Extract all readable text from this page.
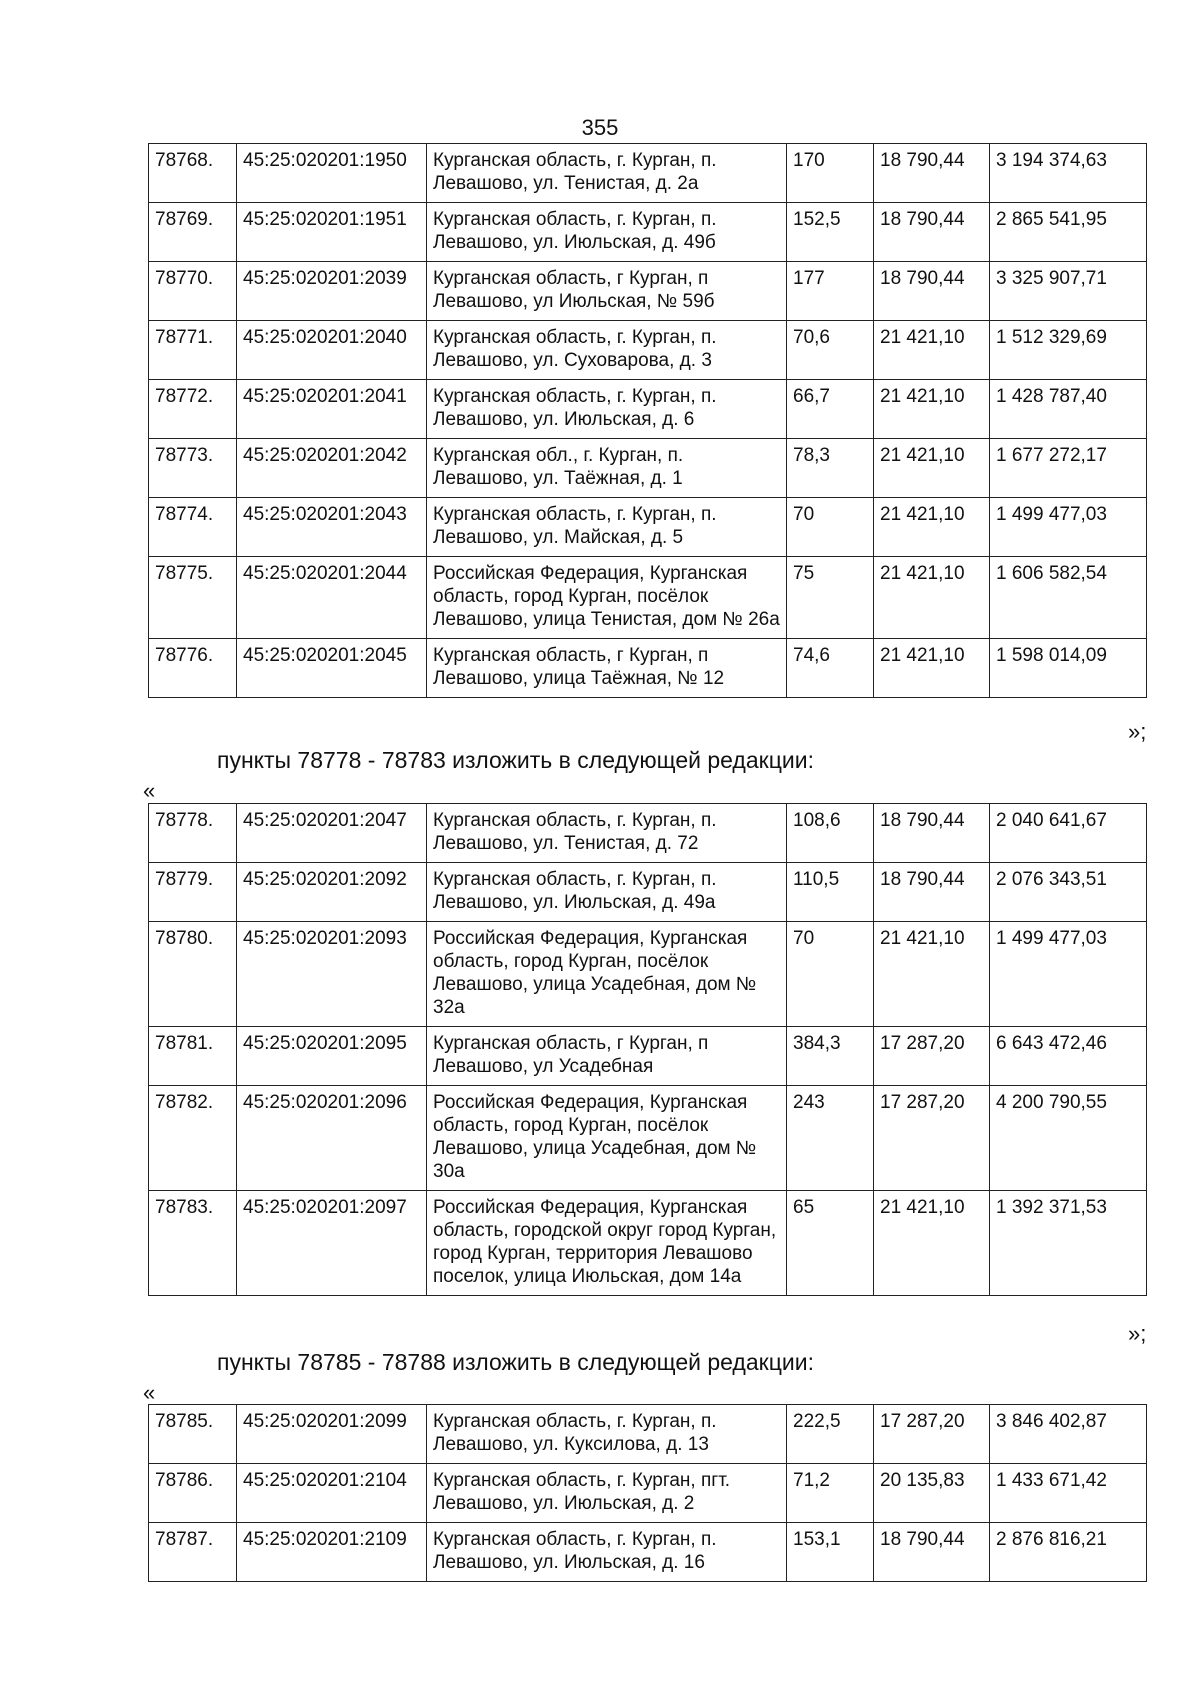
355
78768.	45:25:020201:1950	Курганская область, г. Курган, п. Левашово, ул. Тенистая, д. 2а	170	18 790,44	3 194 374,63
78769.	45:25:020201:1951	Курганская область, г. Курган, п. Левашово, ул. Июльская, д. 49б	152,5	18 790,44	2 865 541,95
78770.	45:25:020201:2039	Курганская область, г Курган, п Левашово, ул Июльская, № 59б	177	18 790,44	3 325 907,71
78771.	45:25:020201:2040	Курганская область, г. Курган, п. Левашово, ул. Суховарова, д. 3	70,6	21 421,10	1 512 329,69
78772.	45:25:020201:2041	Курганская область, г. Курган, п. Левашово, ул. Июльская, д. 6	66,7	21 421,10	1 428 787,40
78773.	45:25:020201:2042	Курганская обл., г. Курган, п. Левашово, ул. Таёжная, д. 1	78,3	21 421,10	1 677 272,17
78774.	45:25:020201:2043	Курганская область, г. Курган, п. Левашово, ул. Майская, д. 5	70	21 421,10	1 499 477,03
78775.	45:25:020201:2044	Российская Федерация, Курганская область, город Курган, посёлок Левашово, улица Тенистая, дом № 26а	75	21 421,10	1 606 582,54
78776.	45:25:020201:2045	Курганская область, г Курган, п Левашово, улица Таёжная, № 12	74,6	21 421,10	1 598 014,09
»;
пункты 78778 - 78783 изложить в следующей редакции:
«
78778.	45:25:020201:2047	Курганская область, г. Курган, п. Левашово, ул. Тенистая, д. 72	108,6	18 790,44	2 040 641,67
78779.	45:25:020201:2092	Курганская область, г. Курган, п. Левашово, ул. Июльская, д. 49а	110,5	18 790,44	2 076 343,51
78780.	45:25:020201:2093	Российская Федерация, Курганская область, город Курган, посёлок Левашово, улица Усадебная, дом № 32а	70	21 421,10	1 499 477,03
78781.	45:25:020201:2095	Курганская область, г Курган, п Левашово, ул Усадебная	384,3	17 287,20	6 643 472,46
78782.	45:25:020201:2096	Российская Федерация, Курганская область, город Курган, посёлок Левашово, улица Усадебная, дом № 30а	243	17 287,20	4 200 790,55
78783.	45:25:020201:2097	Российская Федерация, Курганская область, городской округ город Курган, город Курган, территория Левашово поселок, улица Июльская, дом 14а	65	21 421,10	1 392 371,53
»;
пункты 78785 - 78788 изложить в следующей редакции:
«
78785.	45:25:020201:2099	Курганская область, г. Курган, п. Левашово, ул. Куксилова, д. 13	222,5	17 287,20	3 846 402,87
78786.	45:25:020201:2104	Курганская область, г. Курган, пгт. Левашово, ул. Июльская, д. 2	71,2	20 135,83	1 433 671,42
78787.	45:25:020201:2109	Курганская область, г. Курган, п. Левашово, ул. Июльская, д. 16	153,1	18 790,44	2 876 816,21
